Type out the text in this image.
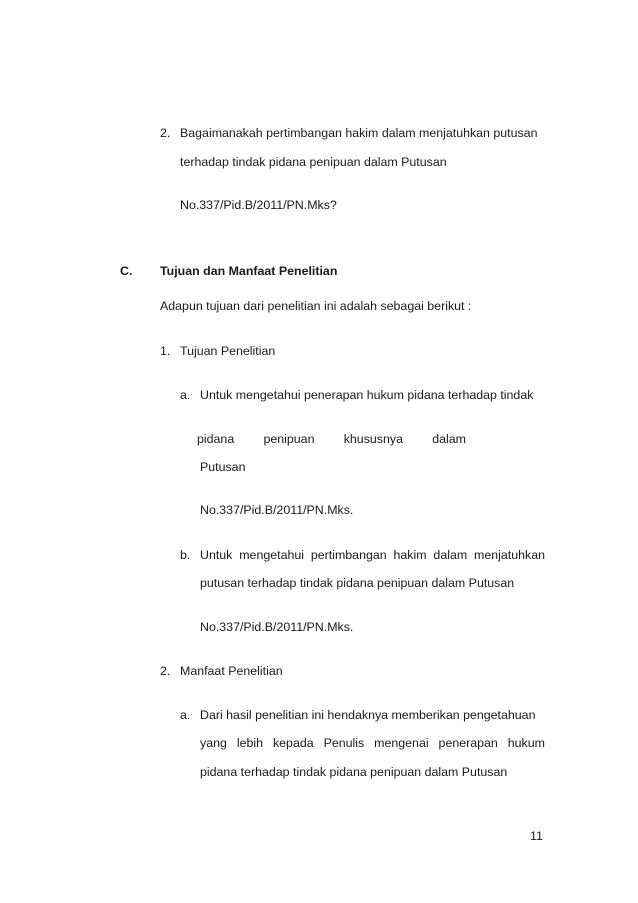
2. Bagaimanakah pertimbangan hakim dalam menjatuhkan putusan
terhadap tindak pidana penipuan dalam Putusan
No.337/Pid.B/2011/PN.Mks?
C. Tujuan dan Manfaat Penelitian
Adapun tujuan dari penelitian ini adalah sebagai berikut :
1. Tujuan Penelitian
a. Untuk mengetahui penerapan hukum pidana terhadap tindak
pidana penipuan khususnya dalam
Putusan
No.337/Pid.B/2011/PN.Mks.
b. Untuk mengetahui pertimbangan hakim dalam menjatuhkan
putusan terhadap tindak pidana penipuan dalam Putusan
No.337/Pid.B/2011/PN.Mks.
2. Manfaat Penelitian
a. Dari hasil penelitian ini hendaknya memberikan pengetahuan
yang lebih kepada Penulis mengenai penerapan hukum
pidana terhadap tindak pidana penipuan dalam Putusan
11
